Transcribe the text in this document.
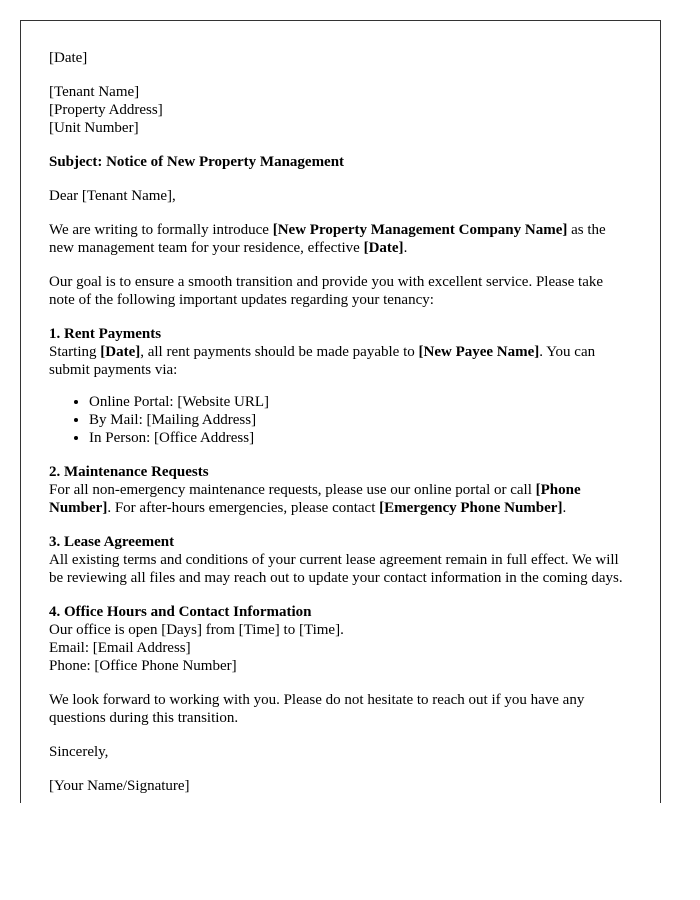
[Date]

[Tenant Name]
[Property Address]
[Unit Number]

Subject: Notice of New Property Management

Dear [Tenant Name],

We are writing to formally introduce [New Property Management Company Name] as the new management team for your residence, effective [Date].

Our goal is to ensure a smooth transition and provide you with excellent service. Please take note of the following important updates regarding your tenancy:

1. Rent Payments
Starting [Date], all rent payments should be made payable to [New Payee Name]. You can submit payments via:

• Online Portal: [Website URL]
• By Mail: [Mailing Address]
• In Person: [Office Address]

2. Maintenance Requests
For all non-emergency maintenance requests, please use our online portal or call [Phone Number]. For after-hours emergencies, please contact [Emergency Phone Number].

3. Lease Agreement
All existing terms and conditions of your current lease agreement remain in full effect. We will be reviewing all files and may reach out to update your contact information in the coming days.

4. Office Hours and Contact Information
Our office is open [Days] from [Time] to [Time].
Email: [Email Address]
Phone: [Office Phone Number]

We look forward to working with you. Please do not hesitate to reach out if you have any questions during this transition.

Sincerely,

[Your Name/Signature]
